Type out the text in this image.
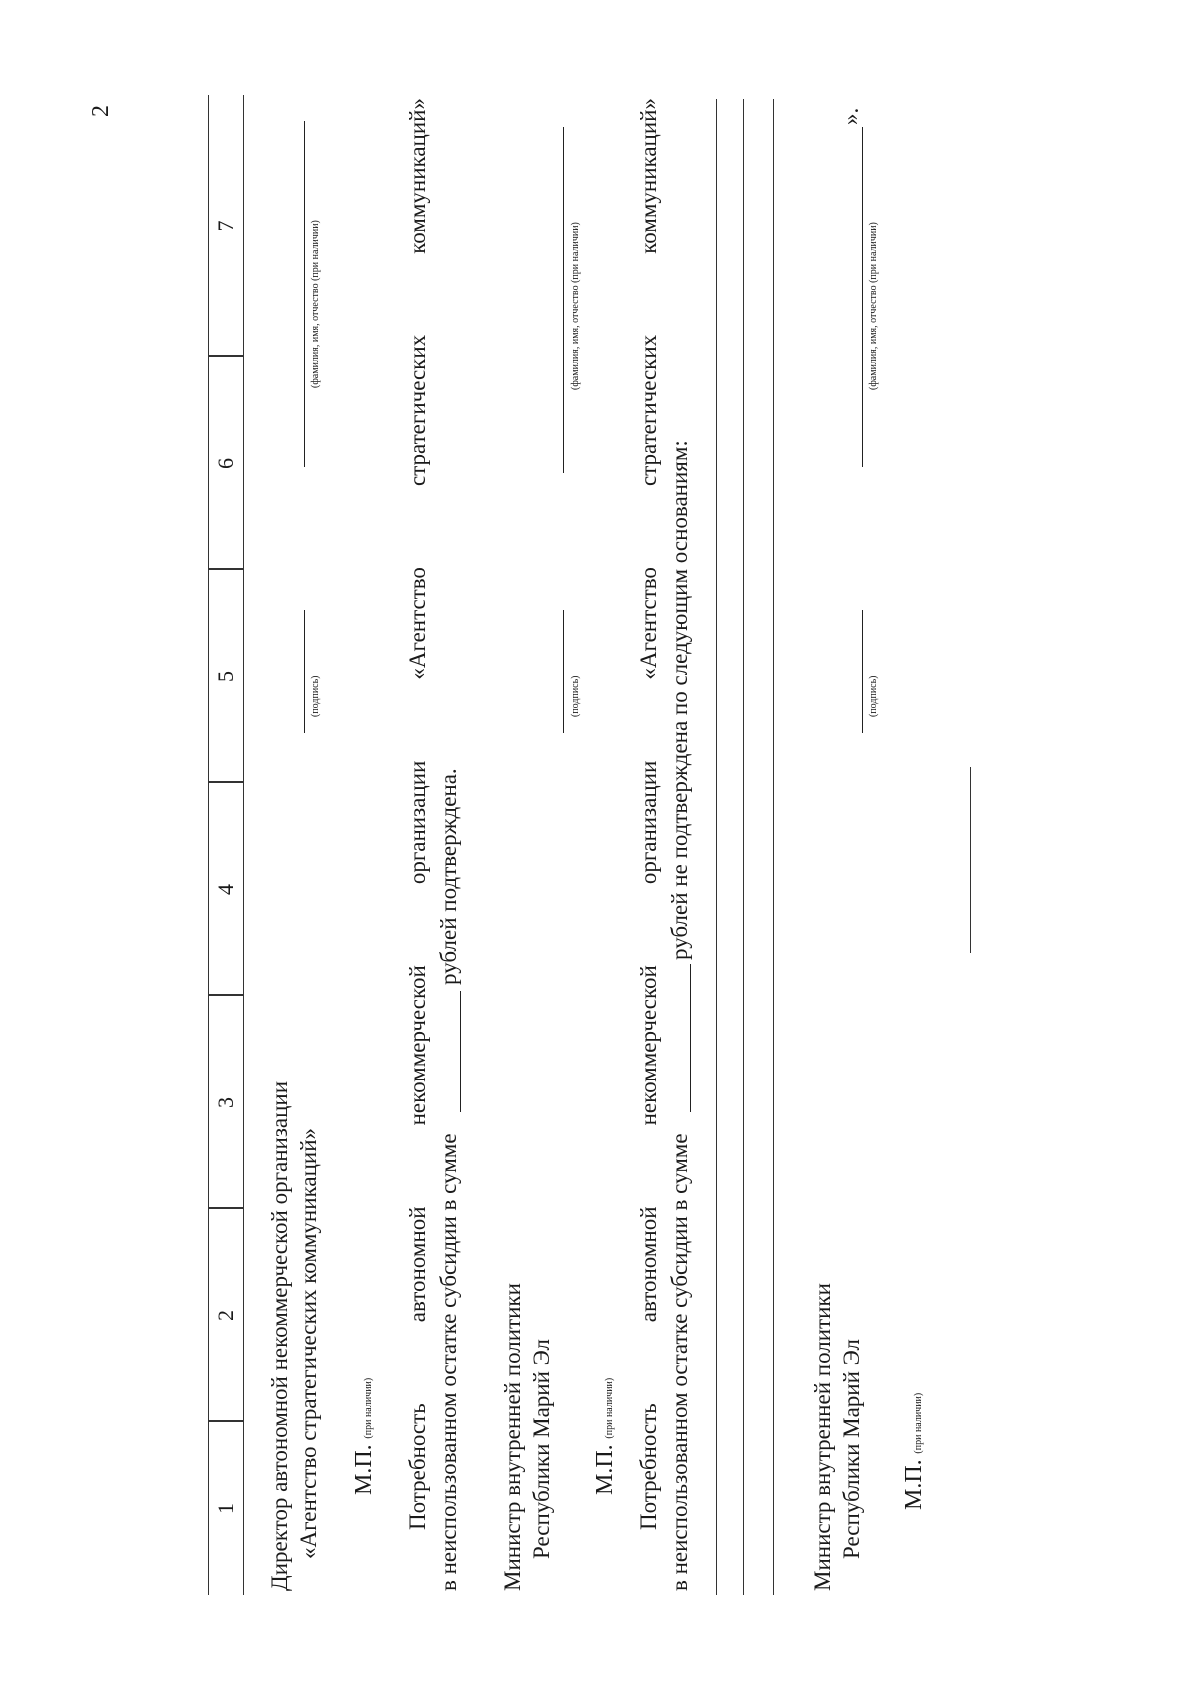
2
1
2
3
4
5
6
7
Директор автономной некоммерческой организации «Агентство стратегических коммуникаций» М.П. (при наличии)
(подпись)
(фамилия, имя, отчество (при наличии)
Потребность
автономной
некоммерческой
организации
«Агентство
стратегических
коммуникаций»
в неиспользованном остатке субсидии в сумме
рублей подтверждена.
Министр внутренней политики Республики Марий Эл М.П. (при наличии)
(подпись)
(фамилия, имя, отчество (при наличии)
Потребность
автономной
некоммерческой
организации
«Агентство
стратегических
коммуникаций»
в неиспользованном остатке субсидии в сумме
рублей не подтверждена по следующим основаниям:
Министр внутренней политики Республики Марий Эл М.П. (при наличии)
(подпись)
(фамилия, имя, отчество (при наличии)
».
